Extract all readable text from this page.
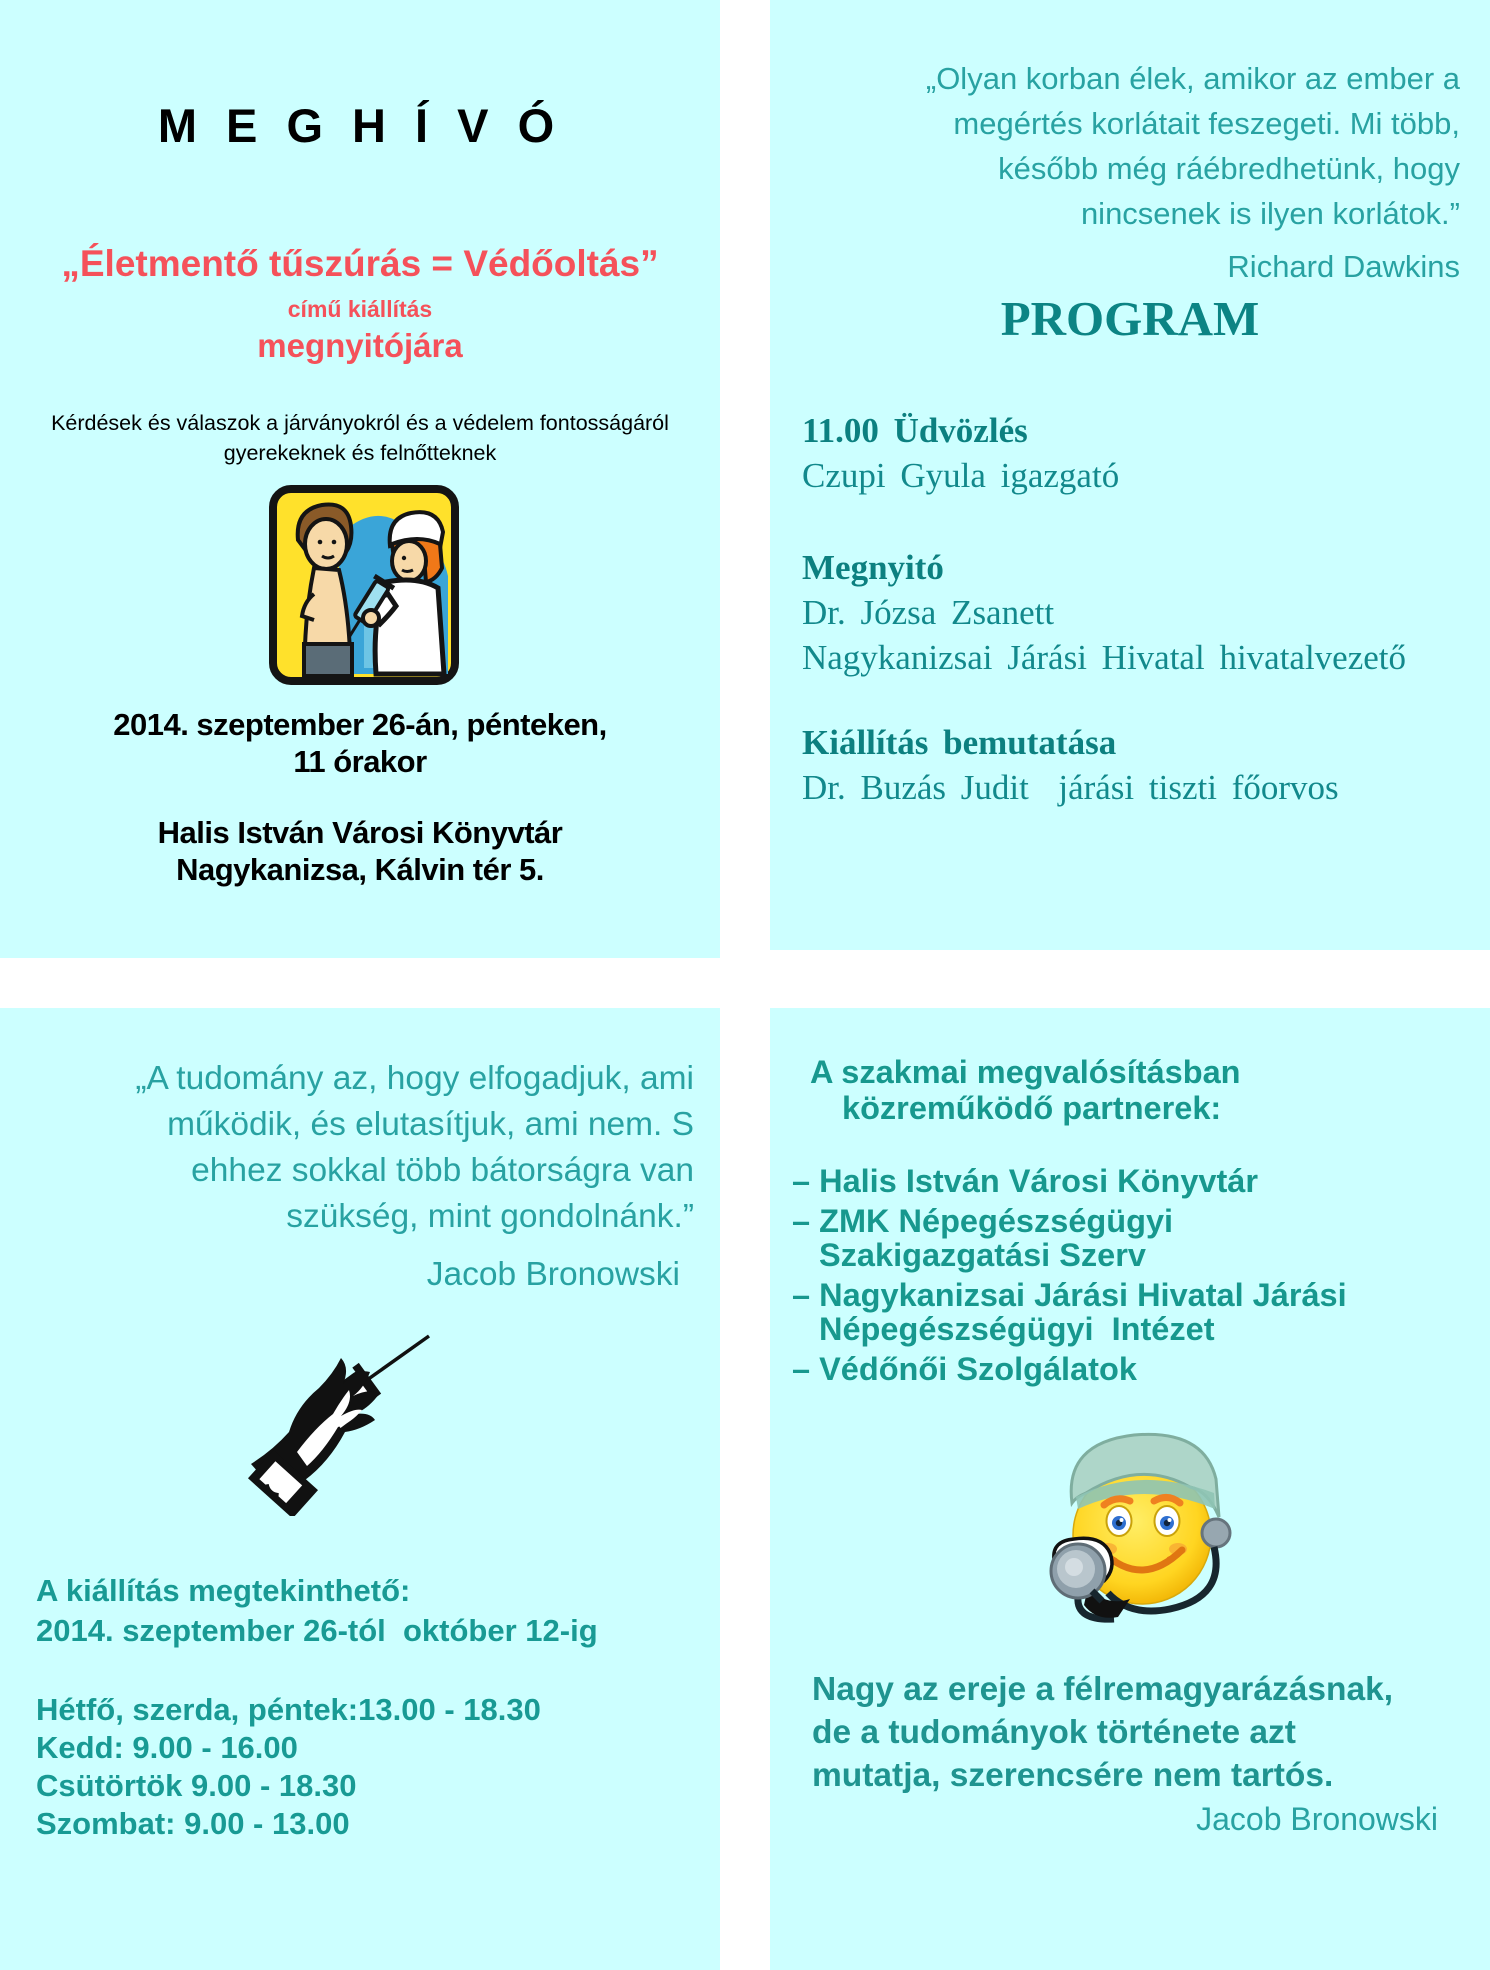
M E G H Í V Ó
„Életmentő tűszúrás = Védőoltás”
című kiállítás
megnyitójára
Kérdések és válaszok a járványokról és a védelem fontosságáról
gyerekeknek és felnőtteknek
2014. szeptember 26-án, pénteken,
11 órakor
Halis István Városi Könyvtár
Nagykanizsa, Kálvin tér 5.
„Olyan korban élek, amikor az ember a
megértés korlátait feszegeti. Mi több,
később még ráébredhetünk, hogy
nincsenek is ilyen korlátok.”
Richard Dawkins
PROGRAM
11.00 Üdvözlés
Czupi Gyula igazgató
Megnyitó
Dr. Józsa Zsanett
Nagykanizsai Járási Hivatal hivatalvezető
Kiállítás bemutatása
Dr. Buzás Judit  járási tiszti főorvos
„A tudomány az, hogy elfogadjuk, ami
működik, és elutasítjuk, ami nem. S
ehhez sokkal több bátorságra van
szükség, mint gondolnánk.”
Jacob Bronowski
A kiállítás megtekinthető:
2014. szeptember 26-tól  október 12-ig
Hétfő, szerda, péntek:13.00 - 18.30
Kedd: 9.00 - 16.00
Csütörtök 9.00 - 18.30
Szombat: 9.00 - 13.00
A szakmai megvalósításban
közreműködő partnerek:
– Halis István Városi Könyvtár
– ZMK Népegészségügyi
Szakigazgatási Szerv
– Nagykanizsai Járási Hivatal Járási
Népegészségügyi  Intézet
– Védőnői Szolgálatok
Nagy az ereje a félremagyarázásnak,
de a tudományok története azt
mutatja, szerencsére nem tartós.
Jacob Bronowski
